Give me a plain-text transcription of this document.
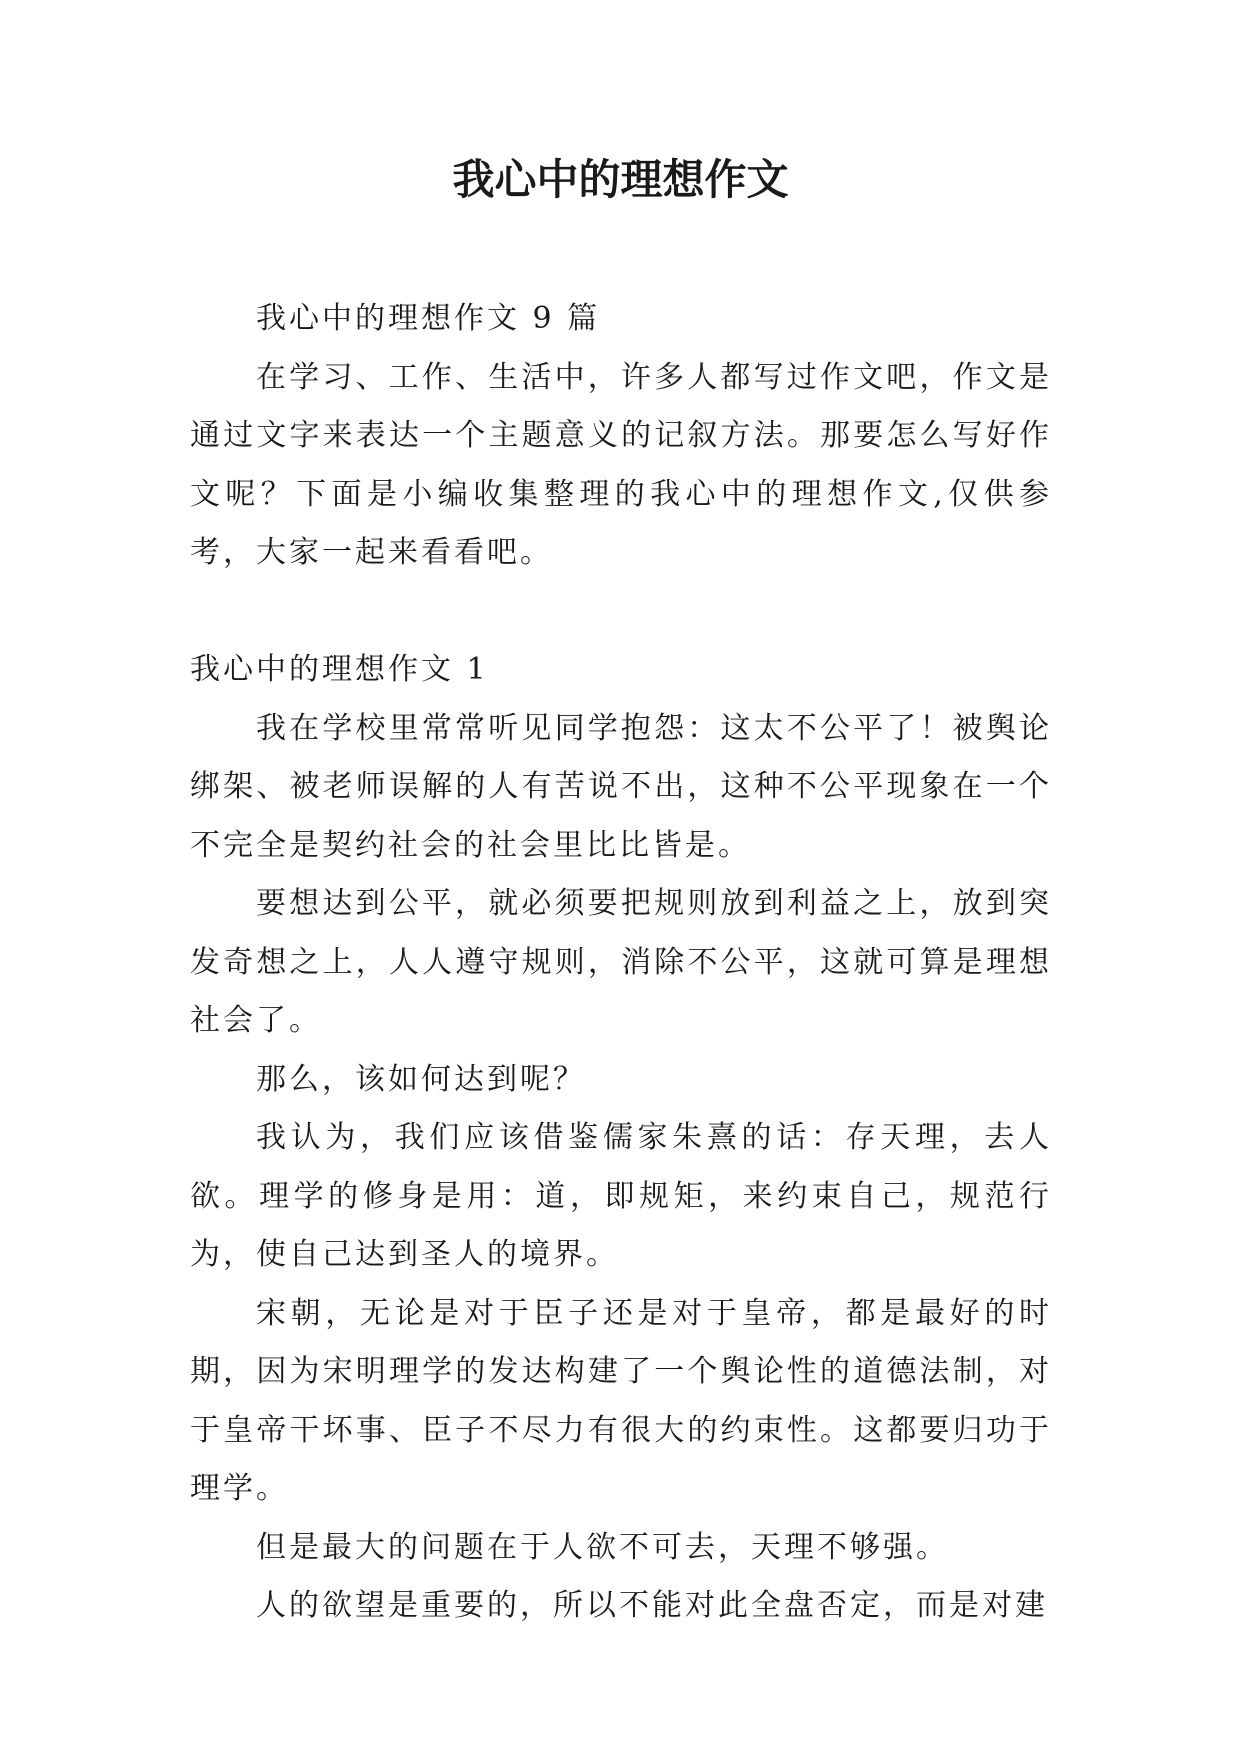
我心中的理想作文

我心中的理想作文 9 篇

在学习、工作、生活中，许多人都写过作文吧，作文是通过文字来表达一个主题意义的记叙方法。那要怎么写好作文呢？下面是小编收集整理的我心中的理想作文,仅供参考，大家一起来看看吧。

我心中的理想作文 1

我在学校里常常听见同学抱怨：这太不公平了！被舆论绑架、被老师误解的人有苦说不出，这种不公平现象在一个不完全是契约社会的社会里比比皆是。

要想达到公平，就必须要把规则放到利益之上，放到突发奇想之上，人人遵守规则，消除不公平，这就可算是理想社会了。

那么，该如何达到呢？

我认为，我们应该借鉴儒家朱熹的话：存天理，去人欲。理学的修身是用：道，即规矩，来约束自己，规范行为，使自己达到圣人的境界。

宋朝，无论是对于臣子还是对于皇帝，都是最好的时期，因为宋明理学的发达构建了一个舆论性的道德法制，对于皇帝干坏事、臣子不尽力有很大的约束性。这都要归功于理学。

但是最大的问题在于人欲不可去，天理不够强。

人的欲望是重要的，所以不能对此全盘否定，而是对建
